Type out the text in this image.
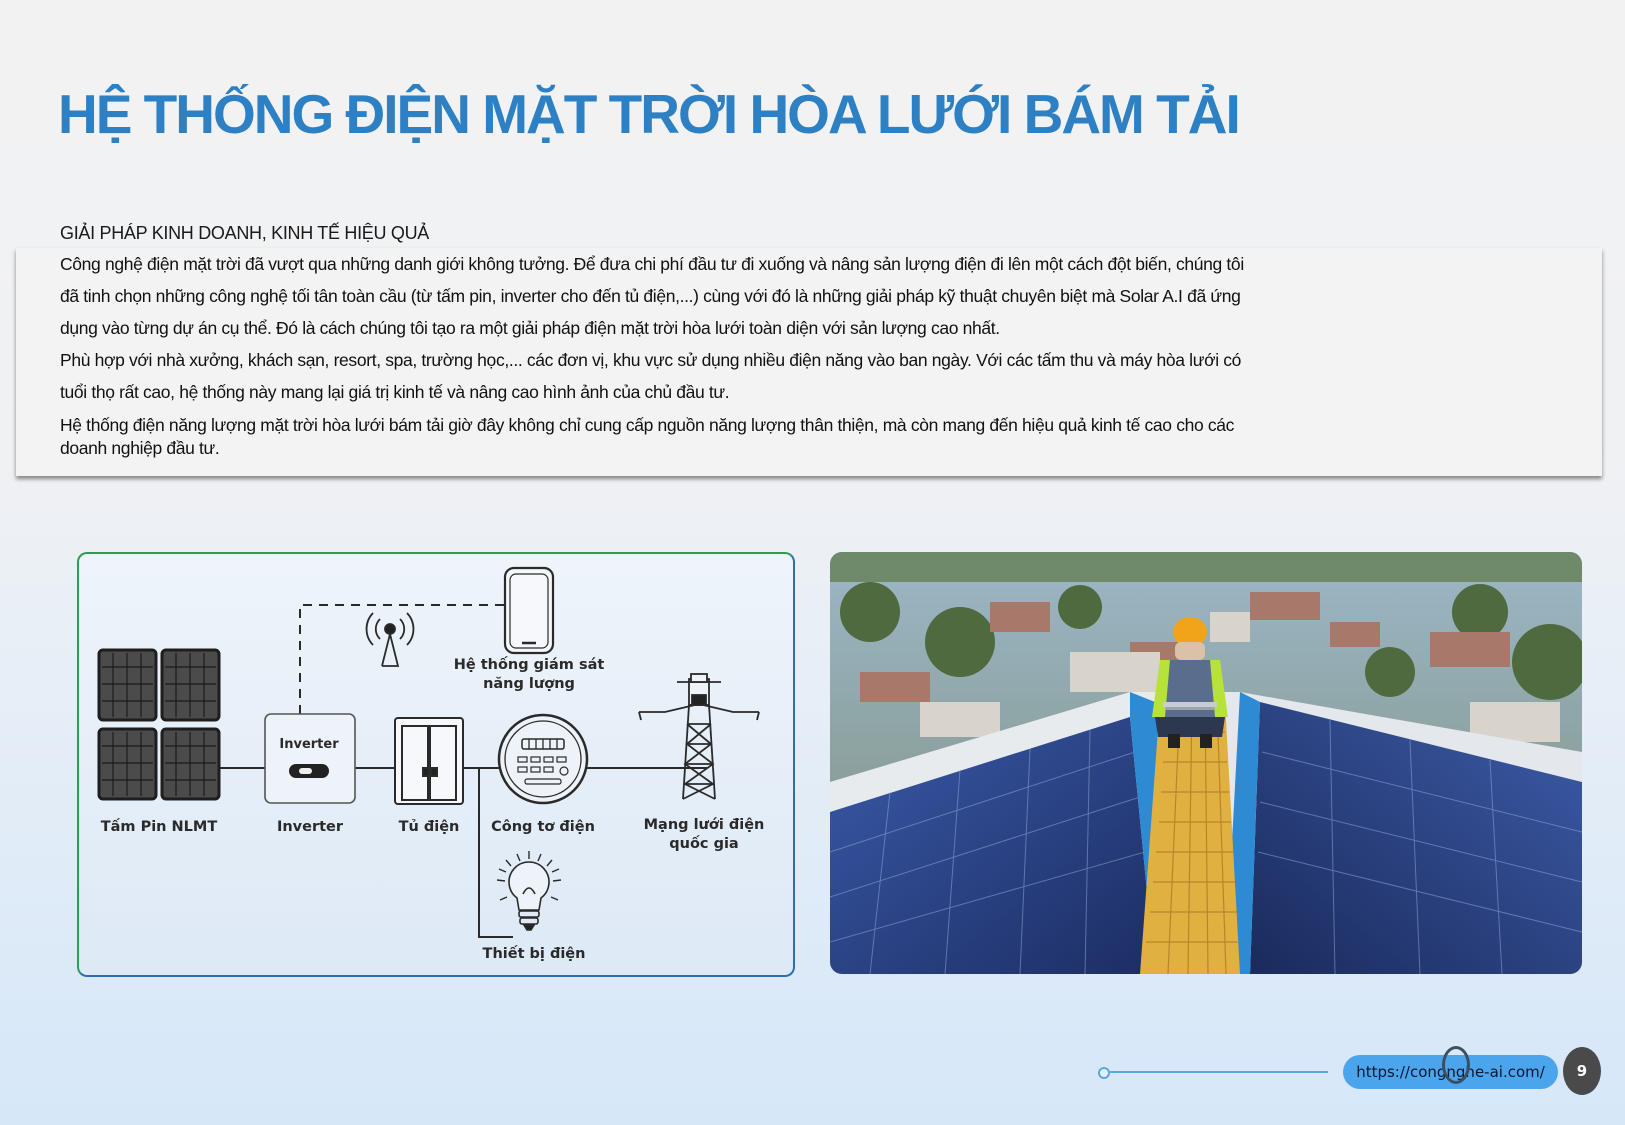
HỆ THỐNG ĐIỆN MẶT TRỜI HÒA LƯỚI BÁM TẢI
GIẢI PHÁP KINH DOANH, KINH TẾ HIỆU QUẢ

Công nghệ điện mặt trời đã vượt qua những danh giới không tưởng. Để đưa chi phí đầu tư đi xuống và nâng sản lượng điện đi lên một cách đột biến, chúng tôi đã tinh chọn những công nghệ tối tân toàn cầu (từ tấm pin, inverter cho đến tủ điện,...) cùng với đó là những giải pháp kỹ thuật chuyên biệt mà Solar A.I đã ứng dụng vào từng dự án cụ thể. Đó là cách chúng tôi tạo ra một giải pháp điện mặt trời hòa lưới toàn diện với sản lượng cao nhất.

Phù hợp với nhà xưởng, khách sạn, resort, spa, trường học,... các đơn vị, khu vực sử dụng nhiều điện năng vào ban ngày. Với các tấm thu và máy hòa lưới có tuổi thọ rất cao, hệ thống này mang lại giá trị kinh tế và nâng cao hình ảnh của chủ đầu tư.

Hệ thống điện năng lượng mặt trời hòa lưới bám tải giờ đây không chỉ cung cấp nguồn năng lượng thân thiện, mà còn mang đến hiệu quả kinh tế cao cho các doanh nghiệp đầu tư.

Inverter
Tấm Pin NLMT	Inverter	Tủ điện	Công tơ điện	Mạng lưới điện
quốc gia
Hệ thống giám sát
năng lượng
Thiết bị điện
https://congnghe-ai.com/	9
